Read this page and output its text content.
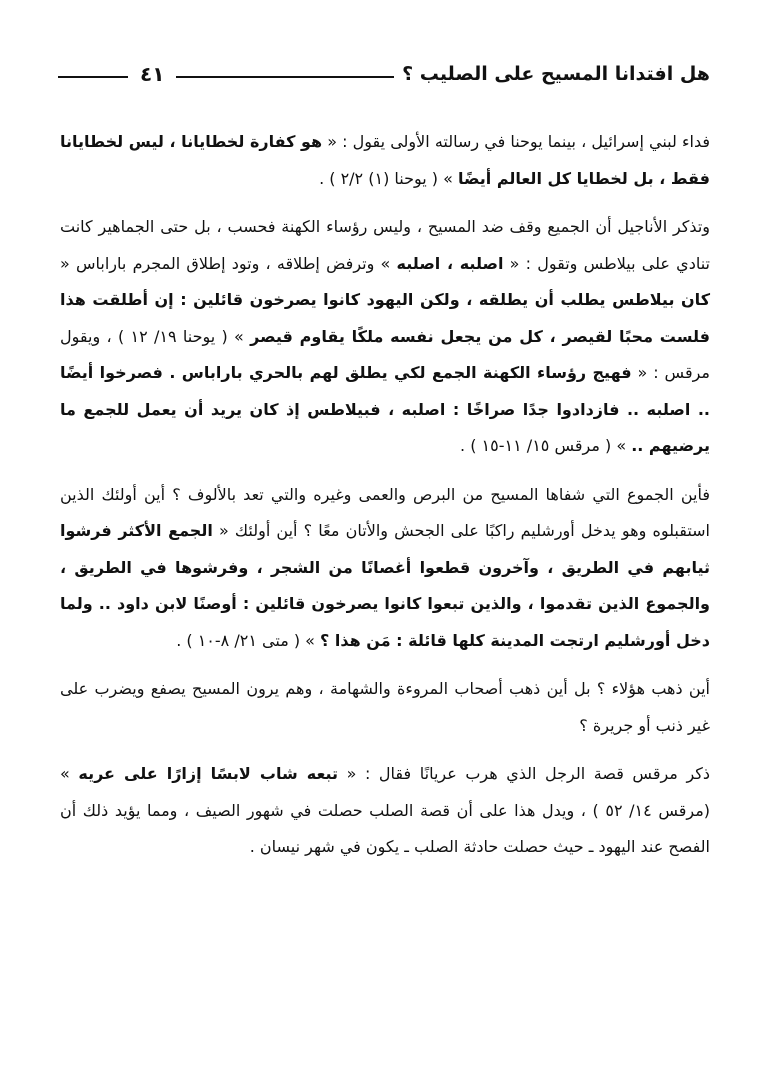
هل افتدانا المسيح على الصليب ؟
٤١

فداء لبني إسرائيل ، بينما يوحنا في رسالته الأولى يقول : « هو كفارة لخطايانا ، ليس لخطايانا فقط ، بل لخطايا كل العالم أيضًا » ( يوحنا (١) ٢/٢ ) .

وتذكر الأناجيل أن الجميع وقف ضد المسيح ، وليس رؤساء الكهنة فحسب ، بل حتى الجماهير كانت تنادي على بيلاطس وتقول : « اصلبه ، اصلبه » وترفض إطلاقه ، وتود إطلاق المجرم باراباس « كان بيلاطس يطلب أن يطلقه ، ولكن اليهود كانوا يصرخون قائلين : إن أطلقت هذا فلست محبًا لقيصر ، كل من يجعل نفسه ملكًا يقاوم قيصر » ( يوحنا ١٩/ ١٢ ) ، ويقول مرقس : « فهيج رؤساء الكهنة الجمع لكي يطلق لهم بالحري باراباس . فصرخوا أيضًا .. اصلبه .. فازدادوا جدًا صراخًا : اصلبه ، فبيلاطس إذ كان يريد أن يعمل للجمع ما يرضيهم .. » ( مرقس ١٥/ ١١-١٥ ) .

فأين الجموع التي شفاها المسيح من البرص والعمى وغيره والتي تعد بالألوف ؟ أين أولئك الذين استقبلوه وهو يدخل أورشليم راكبًا على الجحش والأتان معًا ؟ أين أولئك « الجمع الأكثر فرشوا ثيابهم في الطريق ، وآخرون قطعوا أغصانًا من الشجر ، وفرشوها في الطريق ، والجموع الذين تقدموا ، والذين تبعوا كانوا يصرخون قائلين : أوصنًا لابن داود .. ولما دخل أورشليم ارتجت المدينة كلها قائلة : مَن هذا ؟ » ( متى ٢١/ ٨-١٠ ) .

أين ذهب هؤلاء ؟ بل أين ذهب أصحاب المروءة والشهامة ، وهم يرون المسيح يصفع ويضرب على غير ذنب أو جريرة ؟

ذكر مرقس قصة الرجل الذي هرب عريانًا فقال : « تبعه شاب لابسًا إزارًا على عريه » (مرقس ١٤/ ٥٢ ) ، ويدل هذا على أن قصة الصلب حصلت في شهور الصيف ، ومما يؤيد ذلك أن الفصح عند اليهود ـ حيث حصلت حادثة الصلب ـ يكون في شهر نيسان .
